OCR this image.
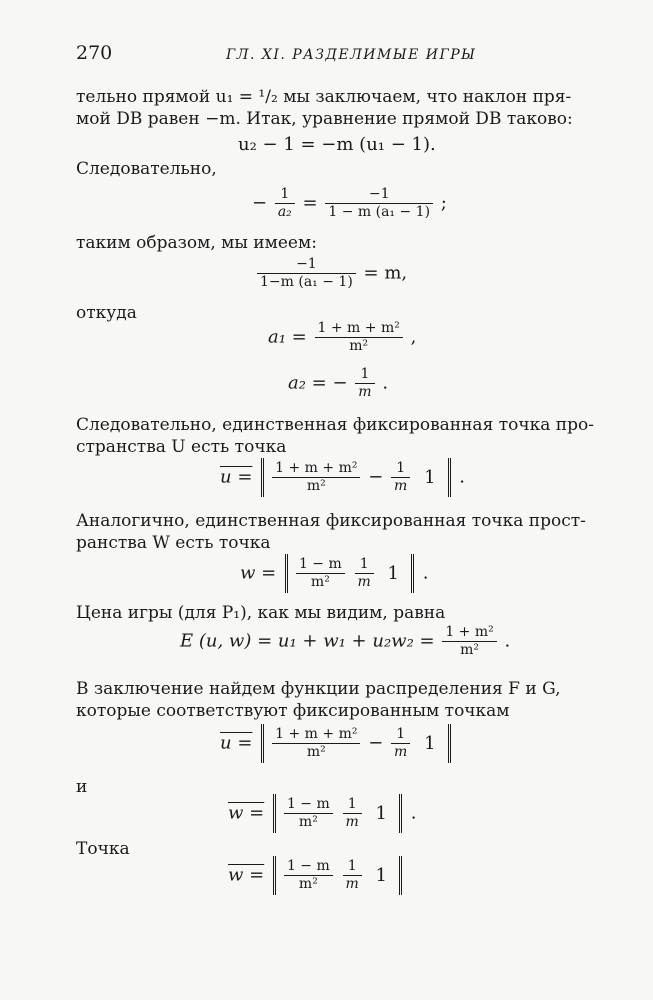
270	ГЛ. XI. РАЗДЕЛИМЫЕ ИГРЫ
тельно прямой u₁ = ¹/₂ мы заключаем, что наклон пря-
мой DB равен −m. Итак, уравнение прямой DB таково:
u₂ − 1 = −m (u₁ − 1).
Следовательно,
− $\frac{1}{\text{a₂}} = \frac{-1}{\text{1 − m (a₁ − 1)}}$ ;
таким образом, мы имеем:
$\frac{-1}{\text{1−m (a₁ − 1)}} = m$,
откуда
$a_1 = \frac{\text{1 + m + m²}}{\text{m²}}$ ,
a₂ = − $\frac{1}{m}$ .
Следовательно, единственная фиксированная точка про-
странства U есть точка
$u = \frac{\text{1 + m + m²}}{\text{m²}} - \frac{1}{m} 1$ .
Аналогично, единственная фиксированная точка прост-
ранства W есть точка
$w = \frac{1 - m}{\text{m²}}$
$\frac{1}{m} 1$ .
Цена игры (для P₁), как мы видим, равна
E (u, $w) = u_1 + w_1 + u_2w_2 = \frac{\text{1 + m²}}{\text{m²}}$ .
В заключение найдем функции распределения F и G,
которые соответствуют фиксированным точкам
$u = \frac{\text{1 + m + m²}}{\text{m²}} - \frac{1}{m} 1$
и
$w = \frac{1 - m}{\text{m²}}$
$\frac{1}{m} 1$ .
Точка
$w = \frac{1 - m}{\text{m²}}$
$\frac{1}{m} 1$
